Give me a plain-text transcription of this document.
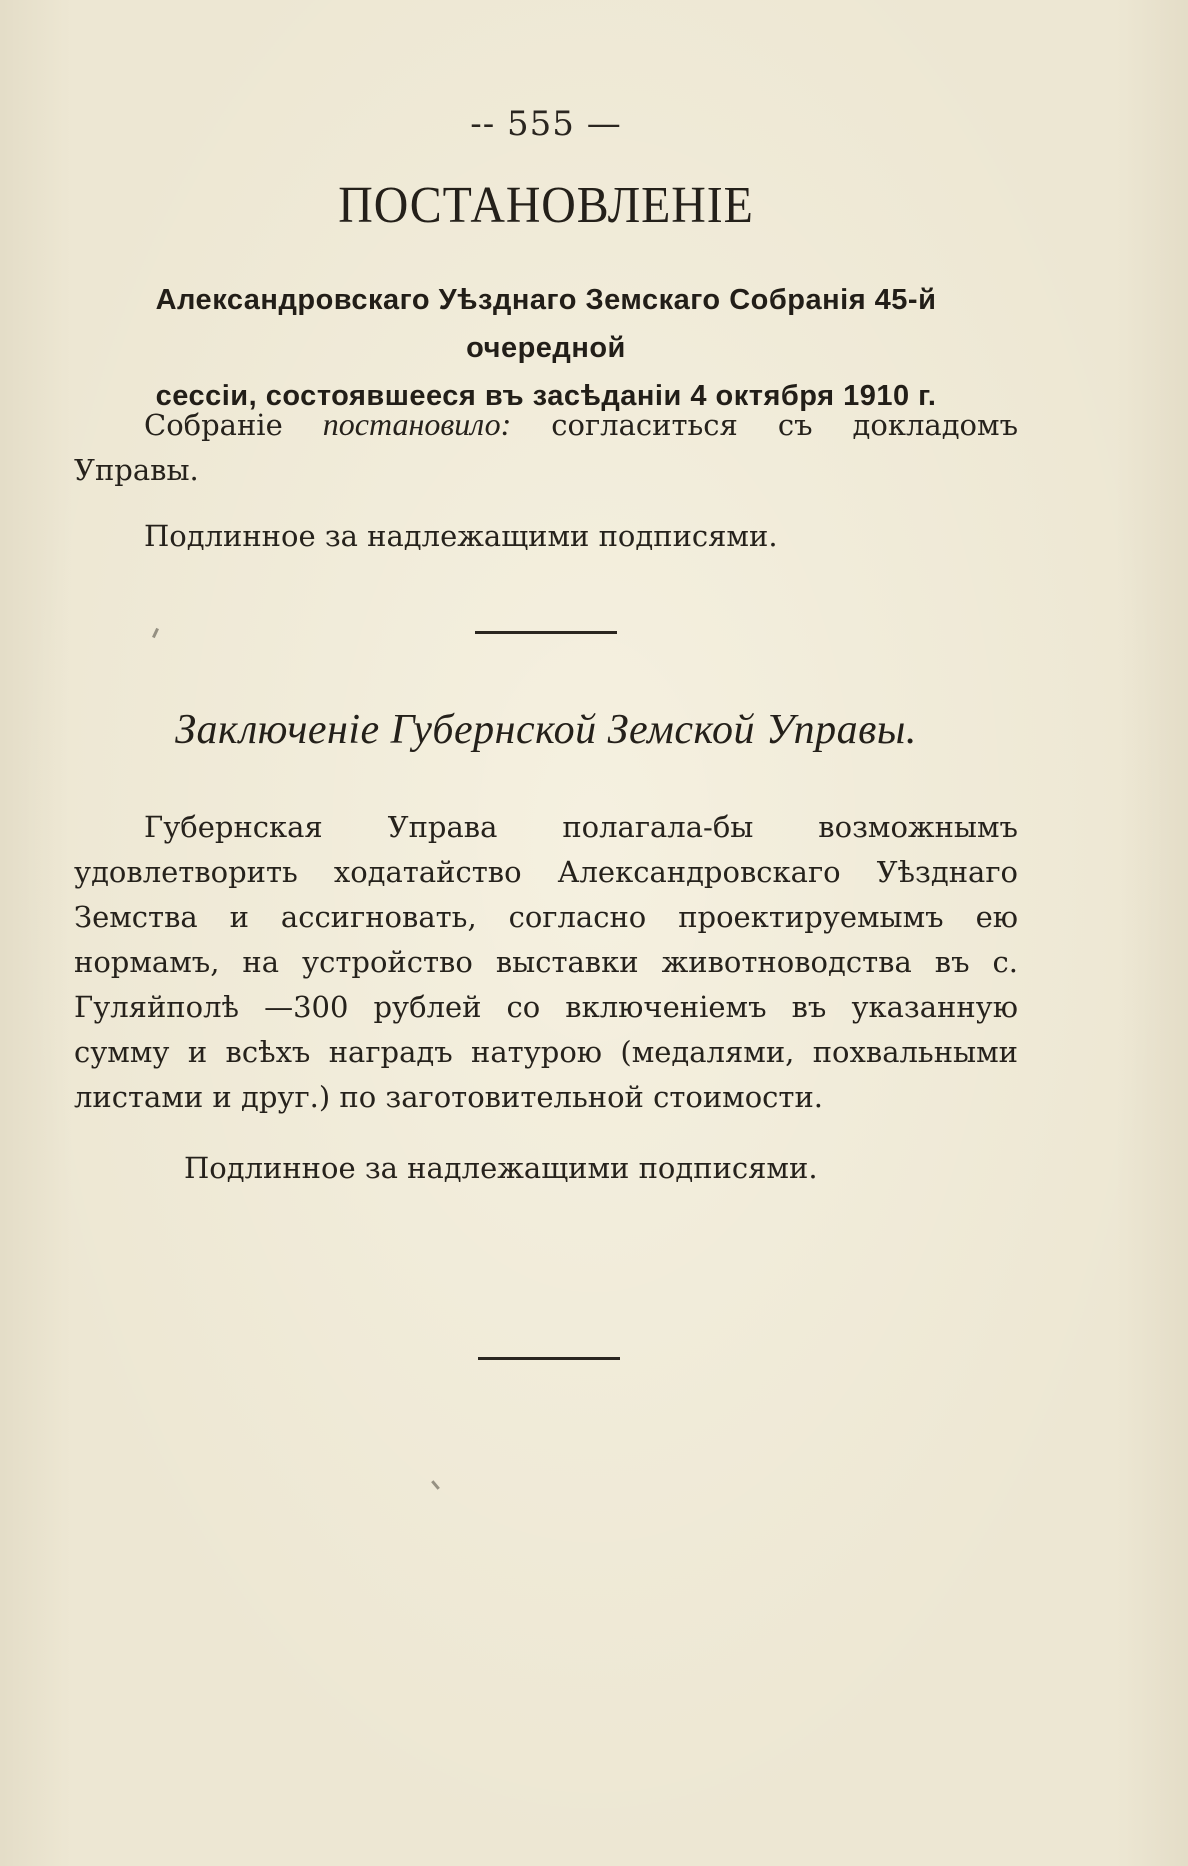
-- 555 —
ПОСТАНОВЛЕНІЕ
Александровскаго Уѣзднаго Земскаго Собранія 45-й очередной
сессіи, состоявшееся въ засѣданіи 4 октября 1910 г.
Собраніе постановило: согласиться съ докладомъ Управы.
Подлинное за надлежащими подписями.
Заключеніе Губернской Земской Управы.
Губернская Управа полагала-бы возможнымъ удовлетворить ходатайство Александровскаго Уѣзднаго Земства и ассигновать, согласно проектируемымъ ею нормамъ, на устройство выставки животноводства въ с. Гуляйполѣ —300 рублей со включеніемъ въ указанную сумму и всѣхъ наградъ натурою (медалями, похвальными листами и друг.) по заготовительной стоимости.
Подлинное за надлежащими подписями.
